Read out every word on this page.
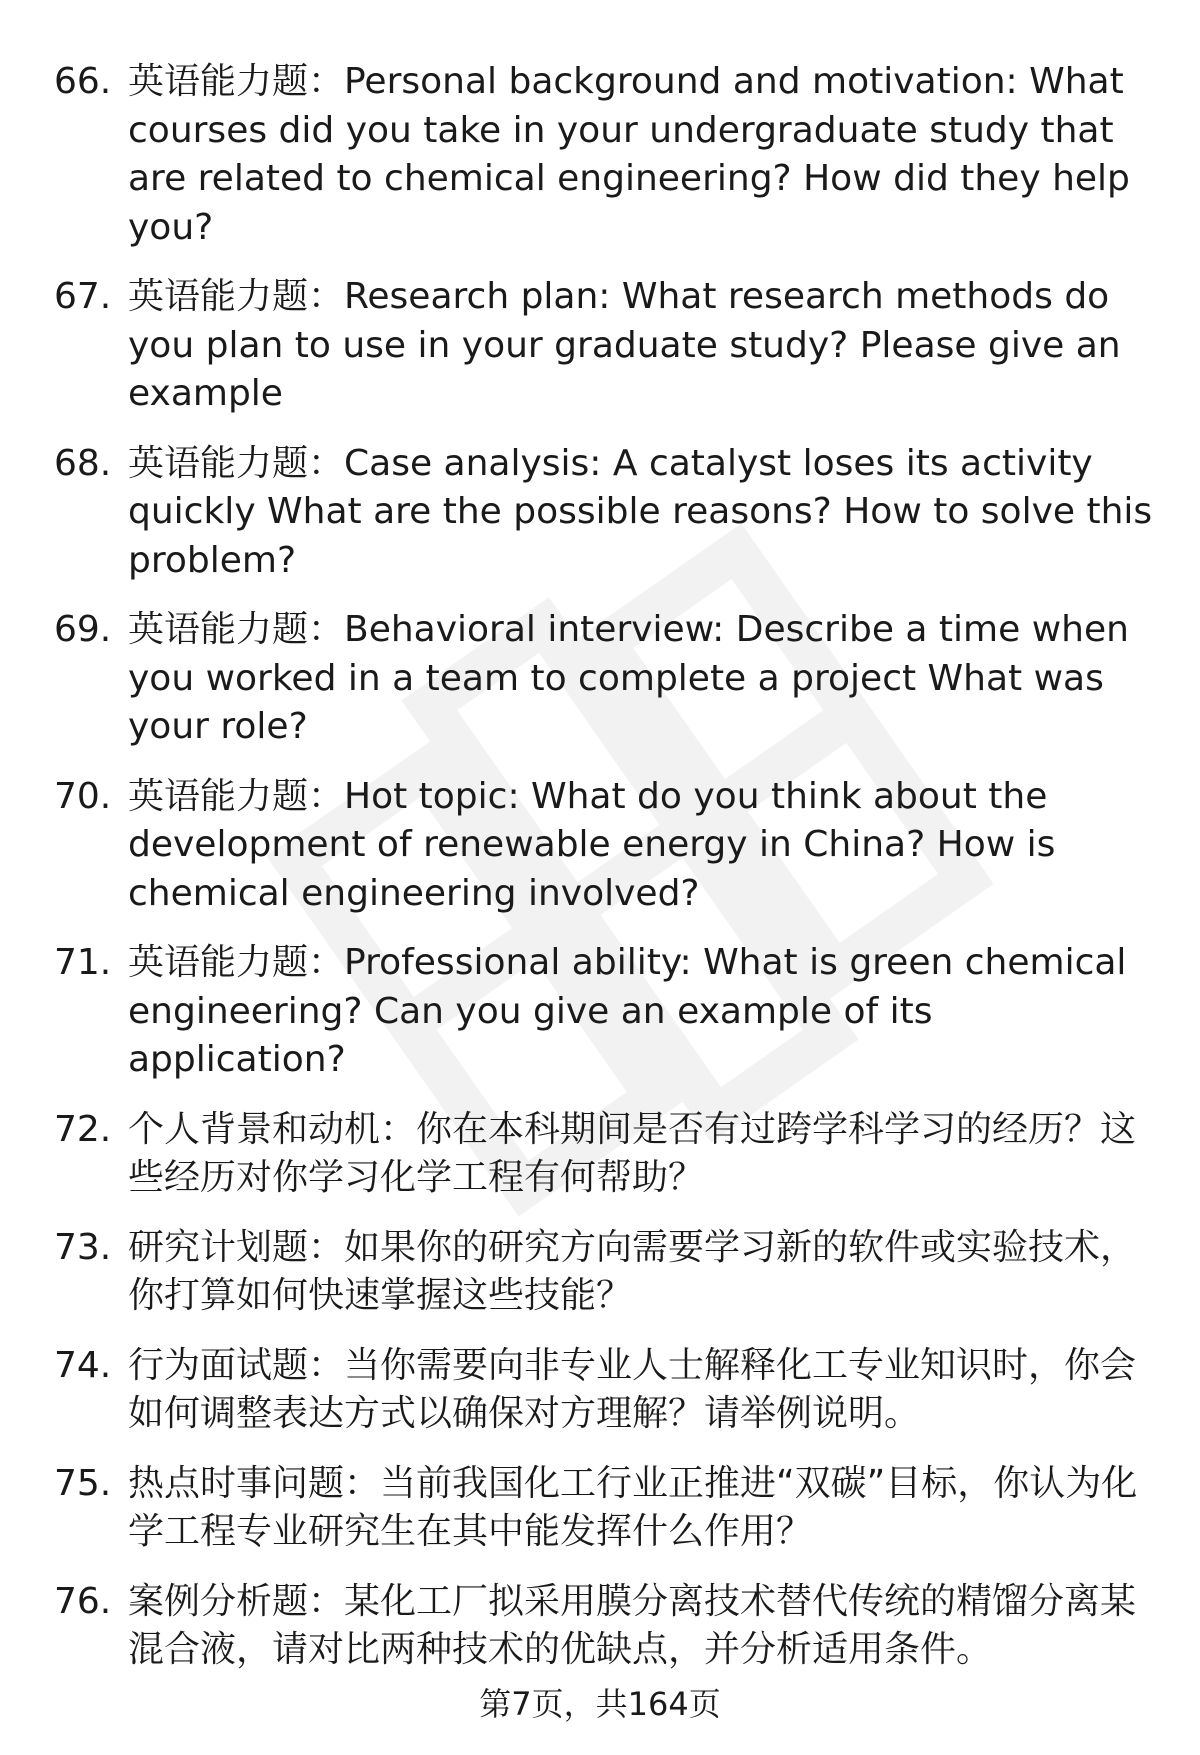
66. 英语能力题：Personal background and motivation: What courses did you take in your undergraduate study that are related to chemical engineering? How did they help you?
67. 英语能力题：Research plan: What research methods do you plan to use in your graduate study? Please give an example
68. 英语能力题：Case analysis: A catalyst loses its activity quickly What are the possible reasons? How to solve this problem?
69. 英语能力题：Behavioral interview: Describe a time when you worked in a team to complete a project What was your role?
70. 英语能力题：Hot topic: What do you think about the development of renewable energy in China? How is chemical engineering involved?
71. 英语能力题：Professional ability: What is green chemical engineering? Can you give an example of its application?
72. 个人背景和动机：你在本科期间是否有过跨学科学习的经历？这些经历对你学习化学工程有何帮助？
73. 研究计划题：如果你的研究方向需要学习新的软件或实验技术，你打算如何快速掌握这些技能？
74. 行为面试题：当你需要向非专业人士解释化工专业知识时，你会如何调整表达方式以确保对方理解？请举例说明。
75. 热点时事问题：当前我国化工行业正推进“双碳”目标，你认为化学工程专业研究生在其中能发挥什么作用？
76. 案例分析题：某化工厂拟采用膜分离技术替代传统的精馏分离某混合液，请对比两种技术的优缺点，并分析适用条件。
第7页，共164页
